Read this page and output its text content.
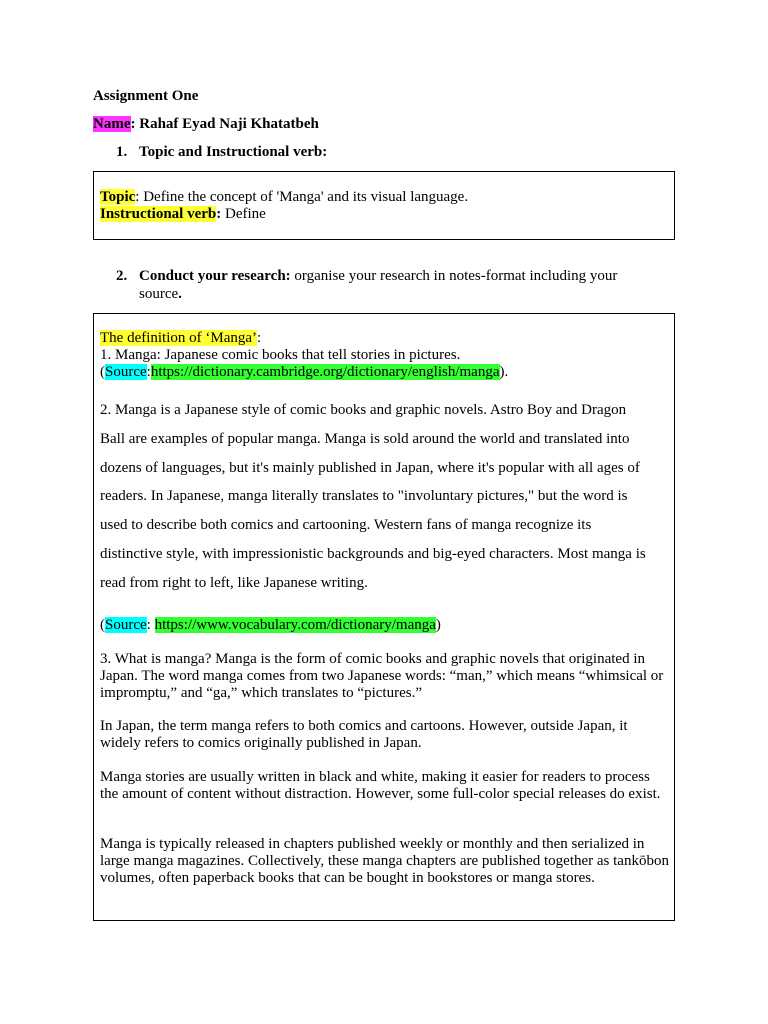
Assignment One
Name: Rahaf Eyad Naji Khatatbeh
1. Topic and Instructional verb:
Topic: Define the concept of 'Manga' and its visual language.
Instructional verb: Define
2. Conduct your research: organise your research in notes-format including your
source.
The definition of ‘Manga’:
1. Manga: Japanese comic books that tell stories in pictures.
(Source:https://dictionary.cambridge.org/dictionary/english/manga).
2. Manga is a Japanese style of comic books and graphic novels. Astro Boy and Dragon
Ball are examples of popular manga. Manga is sold around the world and translated into
dozens of languages, but it's mainly published in Japan, where it's popular with all ages of
readers. In Japanese, manga literally translates to "involuntary pictures," but the word is
used to describe both comics and cartooning. Western fans of manga recognize its
distinctive style, with impressionistic backgrounds and big-eyed characters. Most manga is
read from right to left, like Japanese writing.
(Source: https://www.vocabulary.com/dictionary/manga)
3. What is manga? Manga is the form of comic books and graphic novels that originated in Japan. The word manga comes from two Japanese words: “man,” which means “whimsical or impromptu,” and “ga,” which translates to “pictures.”
In Japan, the term manga refers to both comics and cartoons. However, outside Japan, it widely refers to comics originally published in Japan.
Manga stories are usually written in black and white, making it easier for readers to process the amount of content without distraction. However, some full-color special releases do exist.
Manga is typically released in chapters published weekly or monthly and then serialized in large manga magazines. Collectively, these manga chapters are published together as tankōbon volumes, often paperback books that can be bought in bookstores or manga stores.
